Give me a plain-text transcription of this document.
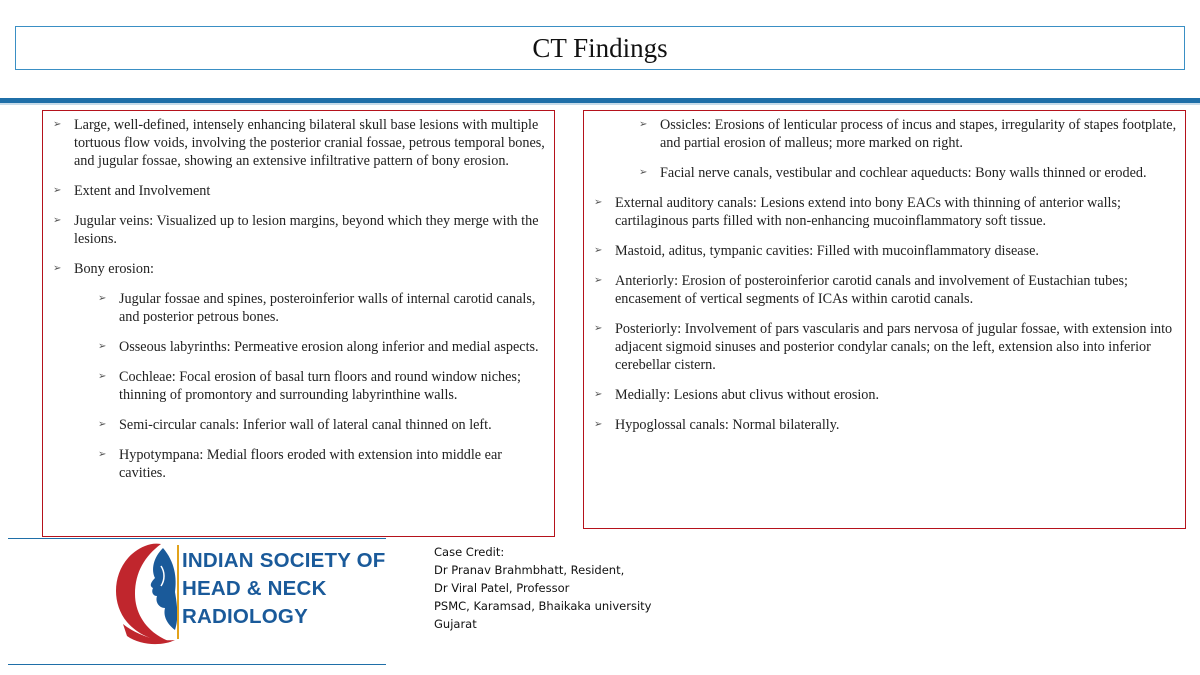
CT Findings
➢ Large, well-defined, intensely enhancing bilateral skull base lesions with multiple tortuous flow voids, involving the posterior cranial fossae, petrous temporal bones, and jugular fossae, showing an extensive infiltrative pattern of bony erosion.
➢ Extent and Involvement
➢ Jugular veins: Visualized up to lesion margins, beyond which they merge with the lesions.
➢ Bony erosion:
➢ Jugular fossae and spines, posteroinferior walls of internal carotid canals, and posterior petrous bones.
➢ Osseous labyrinths: Permeative erosion along inferior and medial aspects.
➢ Cochleae: Focal erosion of basal turn floors and round window niches; thinning of promontory and surrounding labyrinthine walls.
➢ Semi-circular canals: Inferior wall of lateral canal thinned on left.
➢ Hypotympana: Medial floors eroded with extension into middle ear cavities.
➢ Ossicles: Erosions of lenticular process of incus and stapes, irregularity of stapes footplate, and partial erosion of malleus; more marked on right.
➢ Facial nerve canals, vestibular and cochlear aqueducts: Bony walls thinned or eroded.
➢ External auditory canals: Lesions extend into bony EACs with thinning of anterior walls; cartilaginous parts filled with non-enhancing mucoinflammatory soft tissue.
➢ Mastoid, aditus, tympanic cavities: Filled with mucoinflammatory disease.
➢ Anteriorly: Erosion of posteroinferior carotid canals and involvement of Eustachian tubes; encasement of vertical segments of ICAs within carotid canals.
➢ Posteriorly: Involvement of pars vascularis and pars nervosa of jugular fossae, with extension into adjacent sigmoid sinuses and posterior condylar canals; on the left, extension also into inferior cerebellar cistern.
➢ Medially: Lesions abut clivus without erosion.
➢ Hypoglossal canals: Normal bilaterally.
INDIAN SOCIETY OF
HEAD & NECK
RADIOLOGY
Case Credit:
Dr Pranav Brahmbhatt, Resident,
Dr Viral Patel, Professor
PSMC, Karamsad, Bhaikaka university
Gujarat
